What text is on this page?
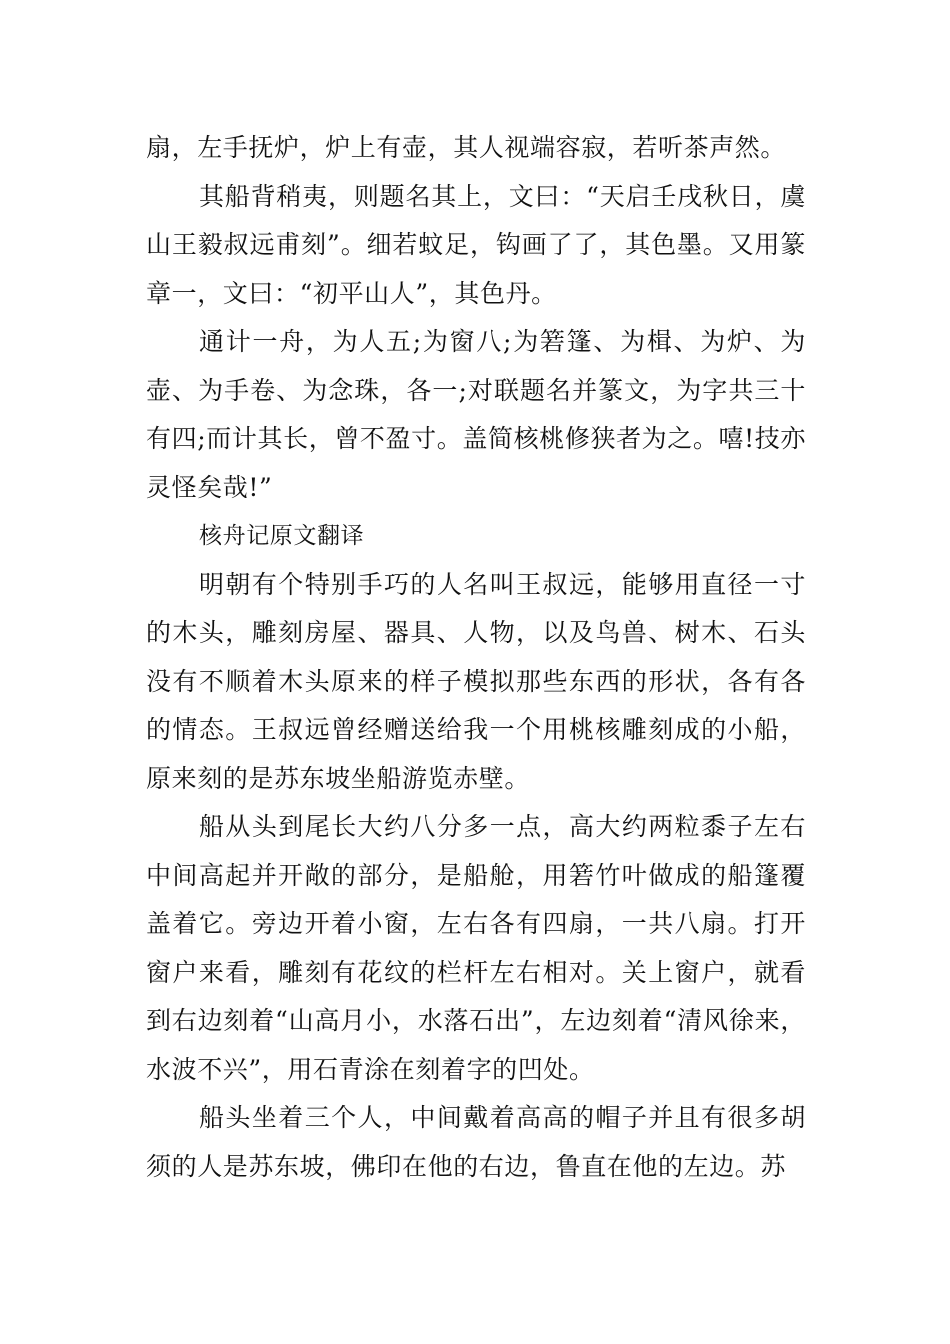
扇，左手抚炉，炉上有壶，其人视端容寂，若听茶声然。

其船背稍夷，则题名其上，文曰：“天启壬戌秋日，虞山王毅叔远甫刻”。细若蚊足，钩画了了，其色墨。又用篆章一，文曰：“初平山人”，其色丹。

通计一舟，为人五;为窗八;为箬篷、为楫、为炉、为壶、为手卷、为念珠，各一;对联题名并篆文，为字共三十有四;而计其长，曾不盈寸。盖简核桃修狭者为之。嘻!技亦灵怪矣哉!”

核舟记原文翻译

明朝有个特别手巧的人名叫王叔远，能够用直径一寸的木头，雕刻房屋、器具、人物，以及鸟兽、树木、石头没有不顺着木头原来的样子模拟那些东西的形状，各有各的情态。王叔远曾经赠送给我一个用桃核雕刻成的小船，原来刻的是苏东坡坐船游览赤壁。

船从头到尾长大约八分多一点，高大约两粒黍子左右中间高起并开敞的部分，是船舱，用箬竹叶做成的船篷覆盖着它。旁边开着小窗，左右各有四扇，一共八扇。打开窗户来看，雕刻有花纹的栏杆左右相对。关上窗户，就看到右边刻着“山高月小，水落石出”，左边刻着“清风徐来，水波不兴”，用石青涂在刻着字的凹处。

船头坐着三个人，中间戴着高高的帽子并且有很多胡须的人是苏东坡，佛印在他的右边，鲁直在他的左边。苏
